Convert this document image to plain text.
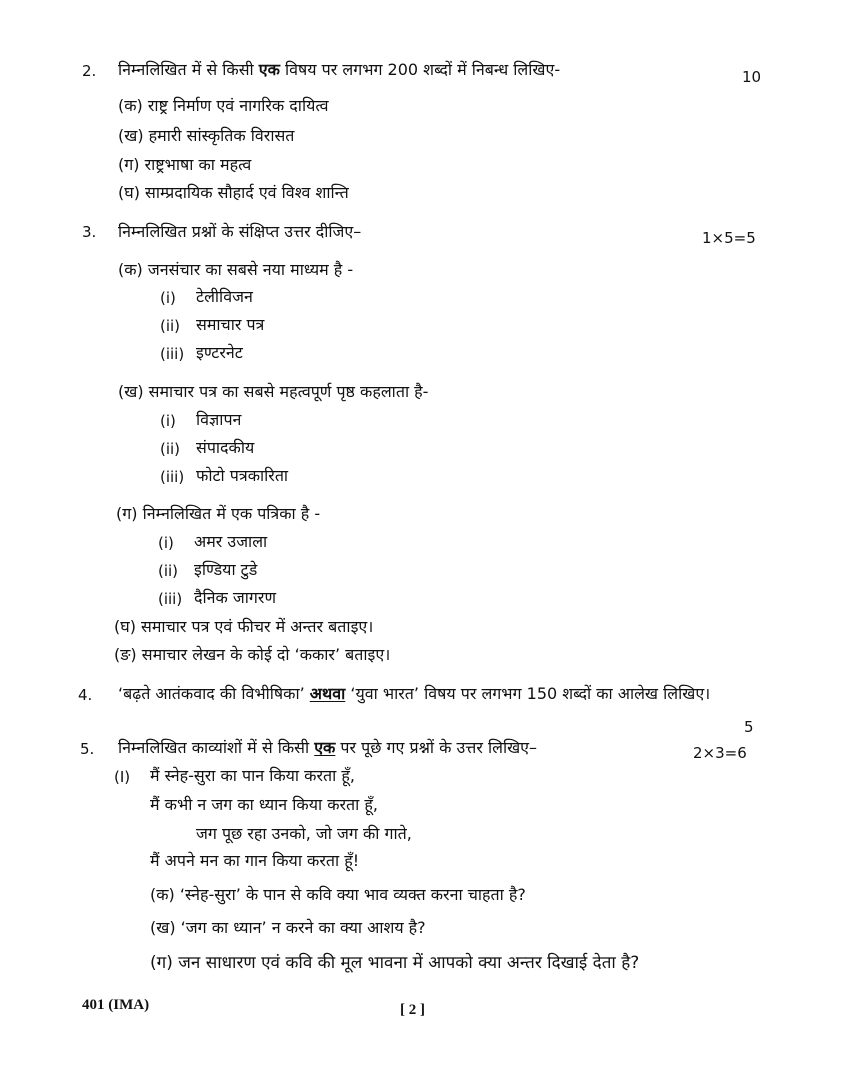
2. निम्नलिखित में से किसी एक विषय पर लगभग 200 शब्दों में निबन्ध लिखिए-	10
(क) राष्ट्र निर्माण एवं नागरिक दायित्व
(ख) हमारी सांस्कृतिक विरासत
(ग) राष्ट्रभाषा का महत्व
(घ) साम्प्रदायिक सौहार्द एवं विश्व शान्ति
3. निम्नलिखित प्रश्नों के संक्षिप्त उत्तर दीजिए–	1×5=5
(क) जनसंचार का सबसे नया माध्यम है -
(i) टेलीविजन
(ii) समाचार पत्र
(iii) इण्टरनेट
(ख) समाचार पत्र का सबसे महत्वपूर्ण पृष्ठ कहलाता है-
(i) विज्ञापन
(ii) संपादकीय
(iii) फोटो पत्रकारिता
(ग) निम्नलिखित में एक पत्रिका है -
(i) अमर उजाला
(ii) इण्डिया टुडे
(iii) दैनिक जागरण
(घ) समाचार पत्र एवं फीचर में अन्तर बताइए।
(ङ) समाचार लेखन के कोई दो ‘ककार’ बताइए।
4. ‘बढ़ते आतंकवाद की विभीषिका’ अथवा ‘युवा भारत’ विषय पर लगभग 150 शब्दों का आलेख लिखिए।
5
5. निम्नलिखित काव्यांशों में से किसी एक पर पूछे गए प्रश्नों के उत्तर लिखिए–	2×3=6
(I) मैं स्नेह-सुरा का पान किया करता हूँ,
मैं कभी न जग का ध्यान किया करता हूँ,
जग पूछ रहा उनको, जो जग की गाते,
मैं अपने मन का गान किया करता हूँ!
(क) ‘स्नेह-सुरा’ के पान से कवि क्या भाव व्यक्त करना चाहता है?
(ख) ‘जग का ध्यान’ न करने का क्या आशय है?
(ग) जन साधारण एवं कवि की मूल भावना में आपको क्या अन्तर दिखाई देता है?
401 (IMA)	[ 2 ]
